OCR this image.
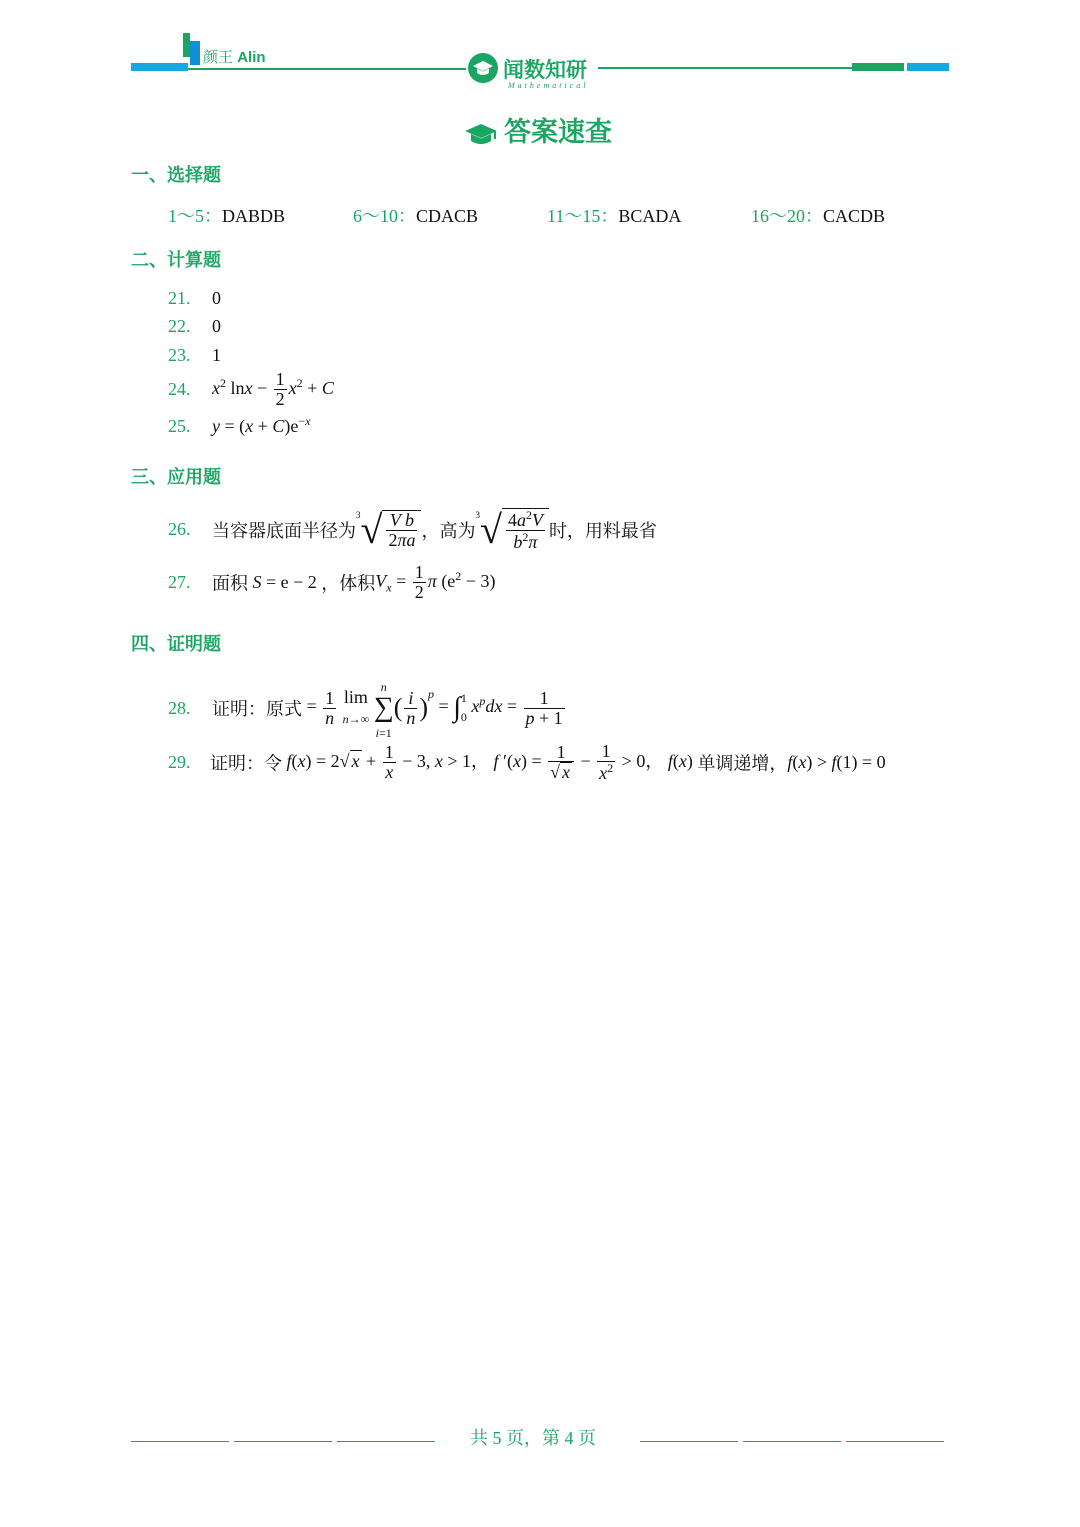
颜王 Alin
闻数知研
Mathematical
答案速查
一、选择题
1～5：DABDB	6～10：CDACB	11～15：BCADA	16～20：CACDB
二、计算题
21. 0
22. 0
23. 1
24. $x^2$ $\ln x - \frac{1}{2} x^2 + C$
25. $y = (x + C)e^{-x}$
三、应用题
26. 当容器底面半径为$^3√ \frac{\text{V b}}{2\pi a}$ ，高为$^3√ \frac{4a^2V}{b^2\pi}$ 时，用料最省
27. 面积 S = e − 2 ，体积$V_x = \frac{1}{2}$ π $(e^2 - 3)$
四、证明题
28. 证明：原式 = $\frac{1}{n}$ lim
n→∞ n
∑
$i=1( \frac{i}{n} )^p = \int 1$
0 $x^pdx = \frac{1}{p + 1}$
29. 证明：令 f(x) = 2√ $x + \frac{1}{x} - 3$, x > 1， f $'(x) = \frac{1}{√ x} - \frac{1}{x^2} > 0$， f(x) 单调递增，f(x) > f(1) = 0
共 5 页，第 4 页
